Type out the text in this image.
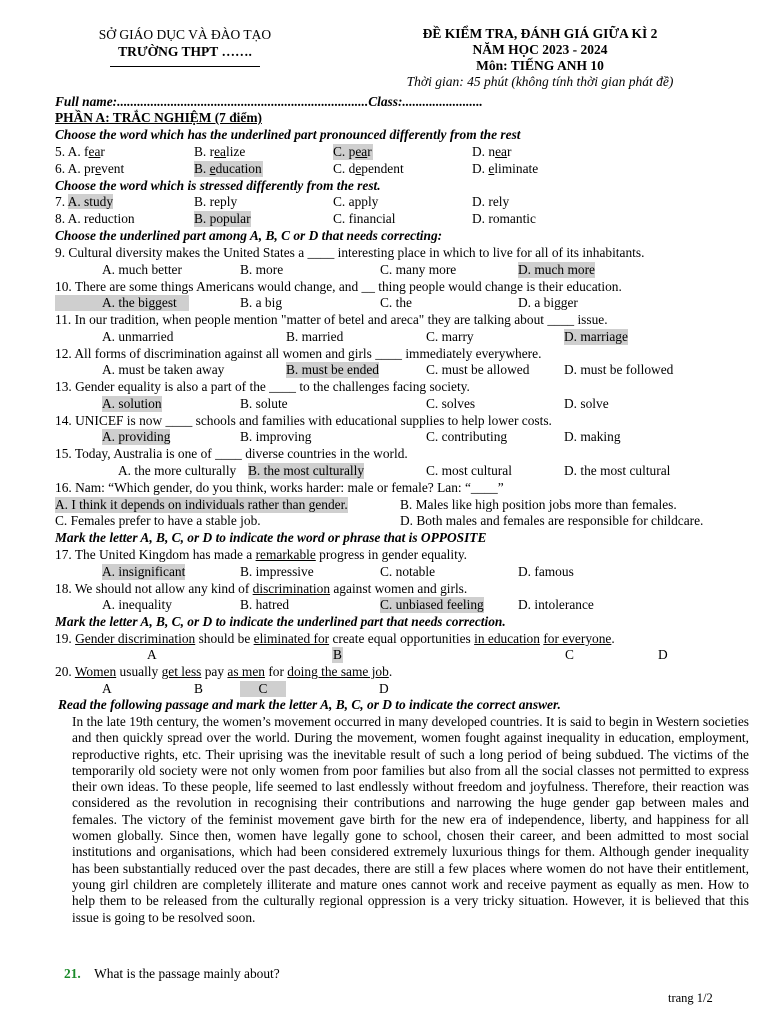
SỞ GIÁO DỤC VÀ ĐÀO TẠO
TRƯỜNG THPT …….
ĐỀ KIỂM TRA, ĐÁNH GIÁ GIỮA KÌ 2
NĂM HỌC 2023 - 2024
Môn: TIẾNG ANH 10
Thời gian: 45 phút (không tính thời gian phát đề)
Full name:...........................................................................Class:........................
PHẦN A: TRẮC NGHIỆM (7 điểm)
Choose the word which has the underlined part pronounced differently from the rest
5. A. fear	B. realize	C. pear	D. near
6. A. prevent	B. education	C. dependent	D. eliminate
Choose the word which is stressed differently from the rest.
7. A. study	B. reply	C. apply	D. rely
8. A. reduction	B. popular	C. financial	D. romantic
Choose the underlined part among A, B, C or D that needs correcting:
9. Cultural diversity makes the United States a ____ interesting place in which to live for all of its inhabitants.
A. much better	B. more	C. many more	D. much more
10. There are some things Americans would change, and __ thing people would change is their education.
A. the biggest	B. a big	C. the	D. a bigger
11. In our tradition, when people mention "matter of betel and areca" they are talking about ____ issue.
A. unmarried	B. married	C. marry	D. marriage
12. All forms of discrimination against all women and girls ____ immediately everywhere.
A. must be taken away	B. must be ended	C. must be allowed	D. must be followed
13. Gender equality is also a part of the ____ to the challenges facing society.
A. solution	B. solute	C. solves	D. solve
14. UNICEF is now ____ schools and families with educational supplies to help lower costs.
A. providing	B. improving	C. contributing	D. making
15. Today, Australia is one of ____ diverse countries in the world.
A. the more culturally B. the most culturally	C. most cultural	D. the most cultural
16. Nam: “Which gender, do you think, works harder: male or female? Lan: “____”
A. I think it depends on individuals rather than gender.	B. Males like high position jobs more than females.
C. Females prefer to have a stable job.	D. Both males and females are responsible for childcare.
Mark the letter A, B, C, or D to indicate the word or phrase that is OPPOSITE
17. The United Kingdom has made a remarkable progress in gender equality.
A. insignificant	B. impressive	C. notable	D. famous
18. We should not allow any kind of discrimination against women and girls.
A. inequality	B. hatred	C. unbiased feeling	D. intolerance
Mark the letter A, B, C, or D to indicate the underlined part that needs correction.
19. Gender discrimination should be eliminated for create equal opportunities in education for everyone.
A	B	C	D
20. Women usually get less pay as men for doing the same job.
A	B	C	D
Read the following passage and mark the letter A, B, C, or D to indicate the correct answer.
In the late 19th century, the women’s movement occurred in many developed countries. It is said to begin in Western societies and then quickly spread over the world. During the movement, women fought against inequality in education, employment, reproductive rights, etc. Their uprising was the inevitable result of such a long period of being subdued. The victims of the temporarily old society were not only women from poor families but also from all the social classes not permitted to express their own ideas. To these people, life seemed to last endlessly without freedom and joyfulness. Therefore, their reaction was considered as the revolution in recognising their contributions and narrowing the huge gender gap between males and females. The victory of the feminist movement gave birth for the new era of independence, liberty, and happiness for all women globally. Since then, women have legally gone to school, chosen their career, and been admitted to most social institutions and organisations, which had been considered extremely luxurious things for them. Although gender inequality has been substantially reduced over the past decades, there are still a few places where women do not have their entitlement, young girl children are completely illiterate and mature ones cannot work and receive payment as equally as men. How to help them to be released from the culturally regional oppression is a very tricky situation. However, it is believed that this issue is going to be resolved soon.
21. What is the passage mainly about?
trang 1/2
